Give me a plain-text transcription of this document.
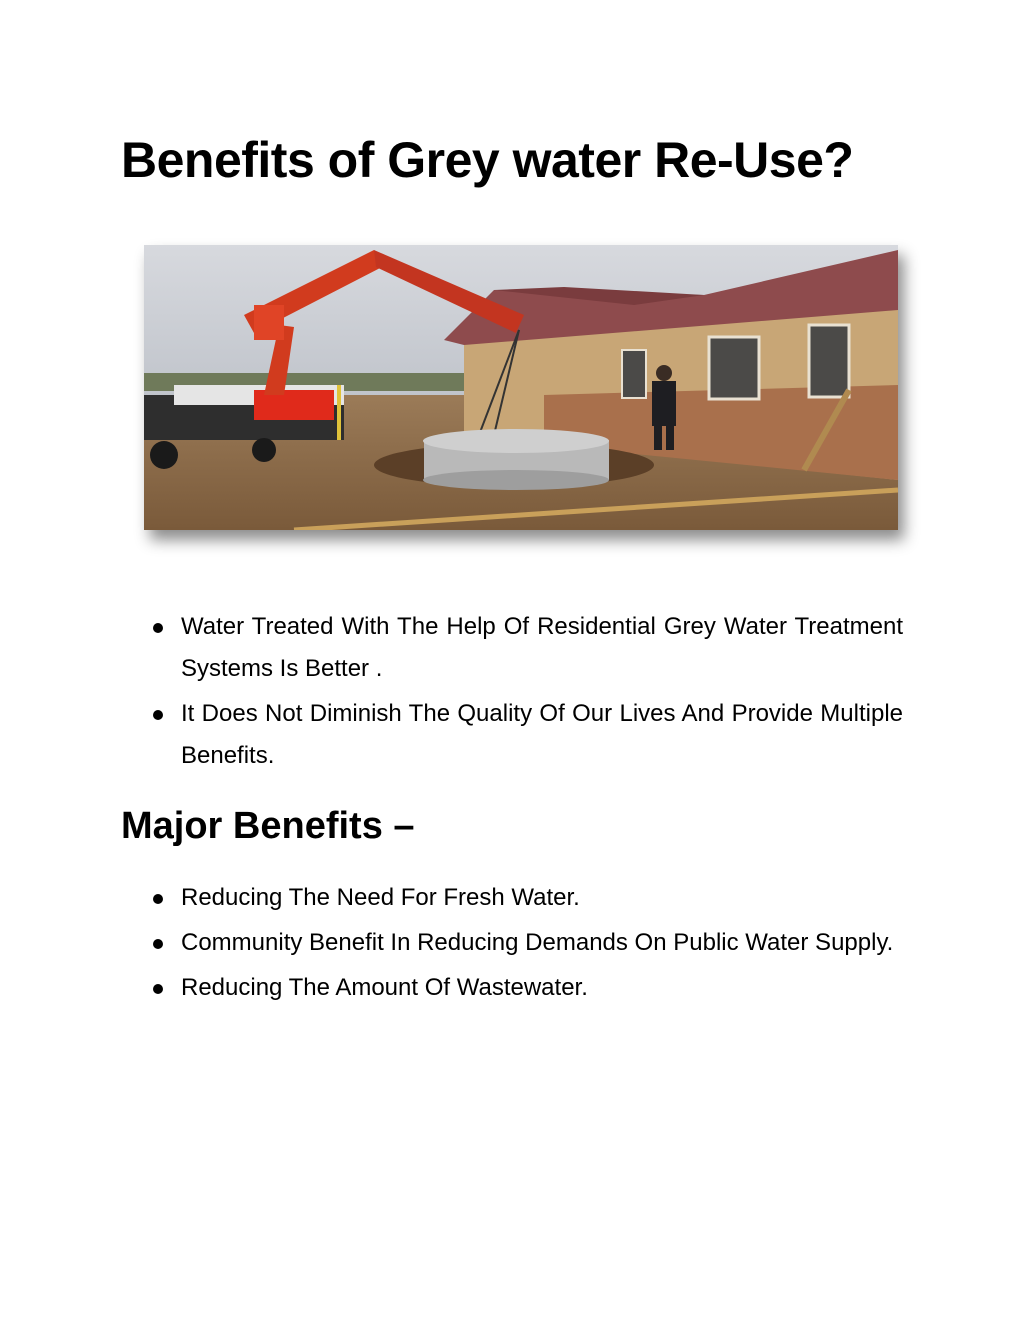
Benefits of Grey water Re-Use?
Water Treated With The Help Of Residential Grey Water Treatment Systems Is Better .
It Does Not Diminish The Quality Of Our Lives And Provide Multiple Benefits.
Major Benefits –
Reducing The Need For Fresh Water.
Community Benefit In Reducing Demands On Public Water Supply.
Reducing The Amount Of Wastewater.
